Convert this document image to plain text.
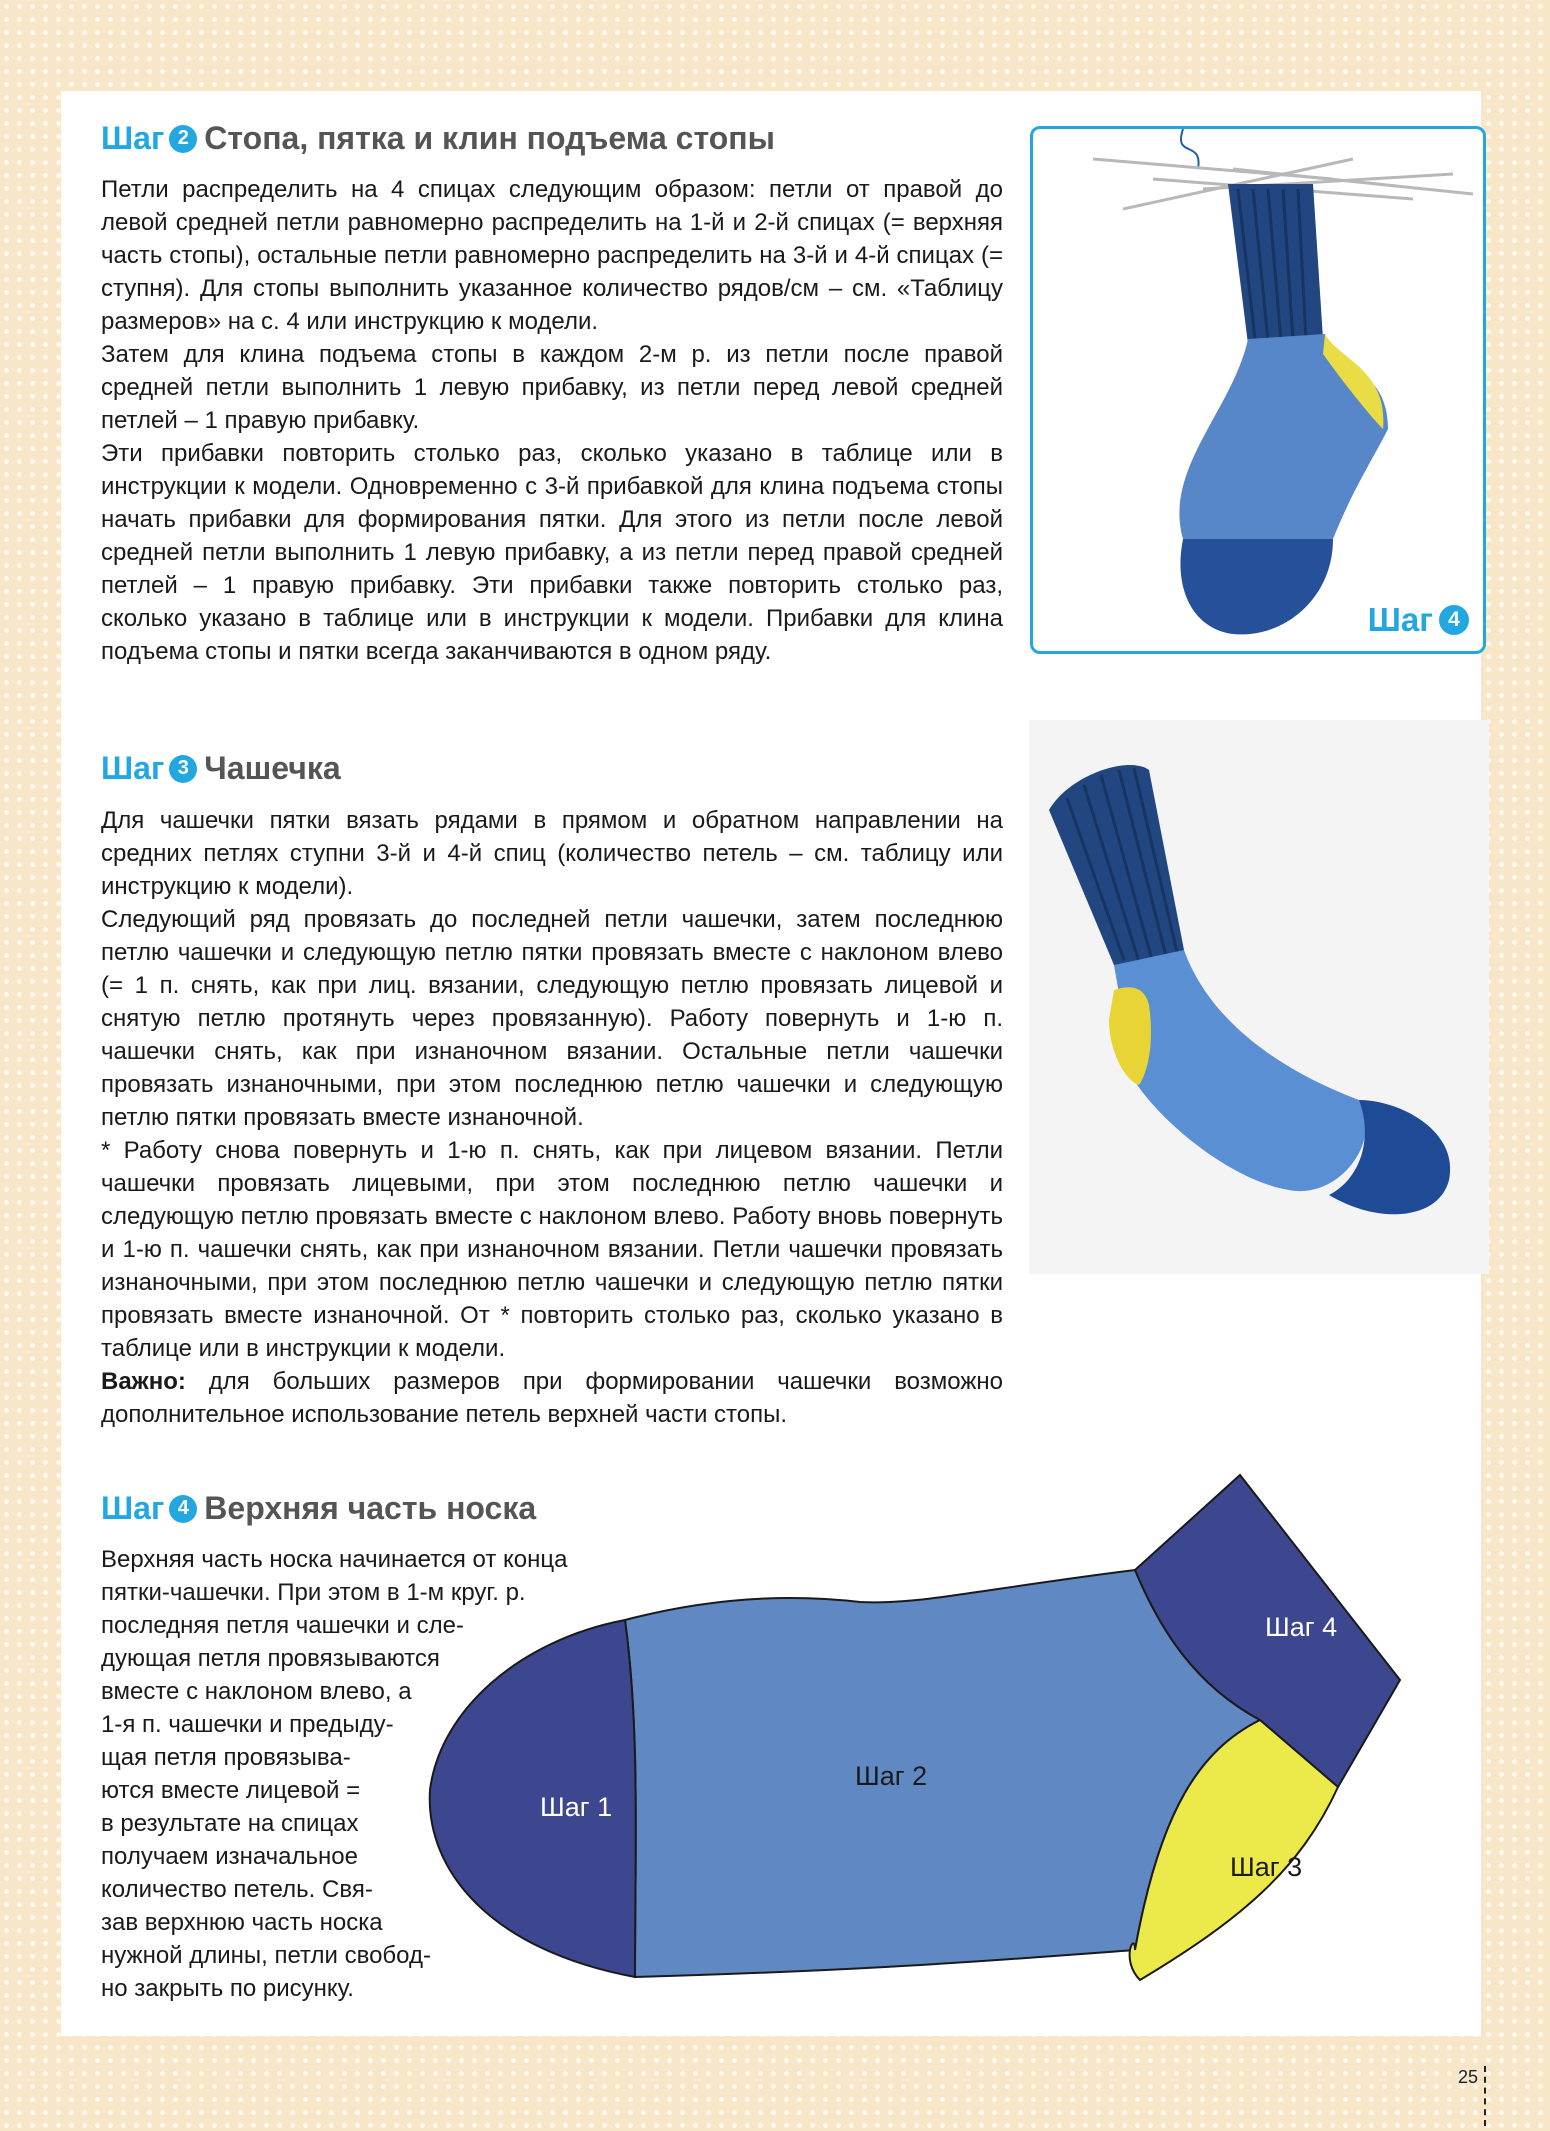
Шаг 2 Стопа, пятка и клин подъема стопы

Петли распределить на 4 спицах следующим образом: петли от правой до левой средней петли равномерно распределить на 1-й и 2-й спицах (= верхняя часть стопы), остальные петли равномерно распределить на 3-й и 4-й спицах (= ступня). Для стопы выполнить указанное количество рядов/см – см. «Таблицу размеров» на с. 4 или инструкцию к модели.

Затем для клина подъема стопы в каждом 2-м р. из петли после правой средней петли выполнить 1 левую прибавку, из петли перед левой средней петлей – 1 правую прибавку.

Эти прибавки повторить столько раз, сколько указано в таблице или в инструкции к модели. Одновременно с 3-й прибавкой для клина подъема стопы начать прибавки для формирования пятки. Для этого из петли после левой средней петли выполнить 1 левую прибавку, а из петли перед правой средней петлей – 1 правую прибавку. Эти прибавки также повторить столько раз, сколько указано в таблице или в инструкции к модели. Прибавки для клина подъема стопы и пятки всегда заканчиваются в одном ряду.

Шаг 4
Шаг 3 Чашечка

Для чашечки пятки вязать рядами в прямом и обратном направлении на средних петлях ступни 3-й и 4-й спиц (количество петель – см. таблицу или инструкцию к модели).

Следующий ряд провязать до последней петли чашечки, затем последнюю петлю чашечки и следующую петлю пятки провязать вместе с наклоном влево (= 1 п. снять, как при лиц. вязании, следующую петлю провязать лицевой и снятую петлю протянуть через провязанную). Работу повернуть и 1-ю п. чашечки снять, как при изнаночном вязании. Остальные петли чашечки провязать изнаночными, при этом последнюю петлю чашечки и следующую петлю пятки провязать вместе изнаночной.

* Работу снова повернуть и 1-ю п. снять, как при лицевом вязании. Петли чашечки провязать лицевыми, при этом последнюю петлю чашечки и следующую петлю провязать вместе с наклоном влево. Работу вновь повернуть и 1-ю п. чашечки снять, как при изнаночном вязании. Петли чашечки провязать изнаночными, при этом последнюю петлю чашечки и следующую петлю пятки провязать вместе изнаночной. От * повторить столько раз, сколько указано в таблице или в инструкции к модели.

Важно: для больших размеров при формировании чашечки возможно дополнительное использование петель верхней части стопы.

Шаг 4 Верхняя часть носка
Шаг 1
Шаг 2
Шаг 3
Шаг 4
Верхняя часть носка начинается от конца
пятки-чашечки. При этом в 1-м круг. р.
последняя петля чашечки и сле-
дующая петля провязываются
вместе с наклоном влево, а
1-я п. чашечки и предыду-
щая петля провязыва-
ются вместе лицевой =
в результате на спицах
получаем изначальное
количество петель. Свя-
зав верхнюю часть носка
нужной длины, петли свобод-
но закрыть по рисунку.
25
